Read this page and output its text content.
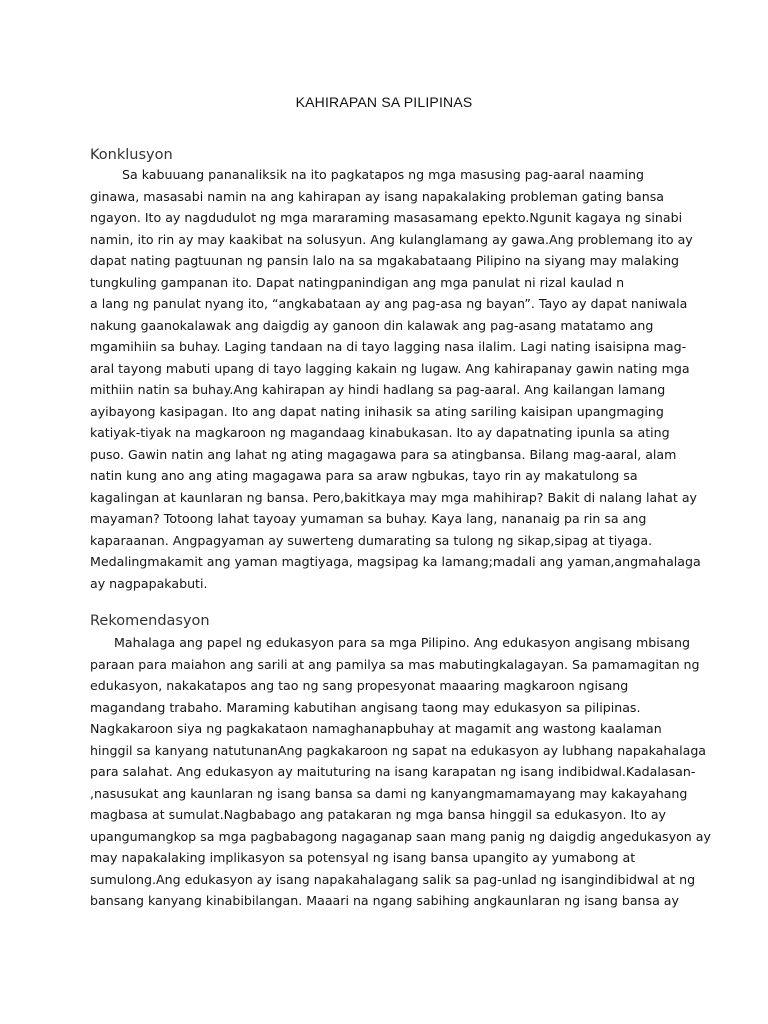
KAHIRAPAN SA PILIPINAS
Konklusyon
Sa kabuuang pananaliksik na ito pagkatapos ng mga masusing pag-aaral naaming
ginawa, masasabi namin na ang kahirapan ay isang napakalaking probleman gating bansa
ngayon. Ito ay nagdudulot ng mga mararaming masasamang epekto.Ngunit kagaya ng sinabi
namin, ito rin ay may kaakibat na solusyun. Ang kulanglamang ay gawa.Ang problemang ito ay
dapat nating pagtuunan ng pansin lalo na sa mgakabataang Pilipino na siyang may malaking
tungkuling gampanan ito. Dapat natingpanindigan ang mga panulat ni rizal kaulad n
a lang ng panulat nyang ito, “angkabataan ay ang pag-asa ng bayan”. Tayo ay dapat naniwala
nakung gaanokalawak ang daigdig ay ganoon din kalawak ang pag-asang matatamo ang
mgamihiin sa buhay. Laging tandaan na di tayo lagging nasa ilalim. Lagi nating isaisipna mag-
aral tayong mabuti upang di tayo lagging kakain ng lugaw. Ang kahirapanay gawin nating mga
mithiin natin sa buhay.Ang kahirapan ay hindi hadlang sa pag-aaral. Ang kailangan lamang
ayibayong kasipagan. Ito ang dapat nating inihasik sa ating sariling kaisipan upangmaging
katiyak-tiyak na magkaroon ng magandaag kinabukasan. Ito ay dapatnating ipunla sa ating
puso. Gawin natin ang lahat ng ating magagawa para sa atingbansa. Bilang mag-aaral, alam
natin kung ano ang ating magagawa para sa araw ngbukas, tayo rin ay makatulong sa
kagalingan at kaunlaran ng bansa. Pero,bakitkaya may mga mahihirap? Bakit di nalang lahat ay
mayaman? Totoong lahat tayoay yumaman sa buhay. Kaya lang, nananaig pa rin sa ang
kaparaanan. Angpagyaman ay suwerteng dumarating sa tulong ng sikap,sipag at tiyaga.
Medalingmakamit ang yaman magtiyaga, magsipag ka lamang;madali ang yaman,angmahalaga
ay nagpapakabuti.
Rekomendasyon
Mahalaga ang papel ng edukasyon para sa mga Pilipino. Ang edukasyon angisang mbisang
paraan para maiahon ang sarili at ang pamilya sa mas mabutingkalagayan. Sa pamamagitan ng
edukasyon, nakakatapos ang tao ng sang propesyonat maaaring magkaroon ngisang
magandang trabaho. Maraming kabutihan angisang taong may edukasyon sa pilipinas.
Nagkakaroon siya ng pagkakataon namaghanapbuhay at magamit ang wastong kaalaman
hinggil sa kanyang natutunanAng pagkakaroon ng sapat na edukasyon ay lubhang napakahalaga
para salahat. Ang edukasyon ay maituturing na isang karapatan ng isang indibidwal.Kadalasan-
,nasusukat ang kaunlaran ng isang bansa sa dami ng kanyangmamamayang may kakayahang
magbasa at sumulat.Nagbabago ang patakaran ng mga bansa hinggil sa edukasyon. Ito ay
upangumangkop sa mga pagbabagong nagaganap saan mang panig ng daigdig angedukasyon ay
may napakalaking implikasyon sa potensyal ng isang bansa upangito ay yumabong at
sumulong.Ang edukasyon ay isang napakahalagang salik sa pag-unlad ng isangindibidwal at ng
bansang kanyang kinabibilangan. Maaari na ngang sabihing angkaunlaran ng isang bansa ay
